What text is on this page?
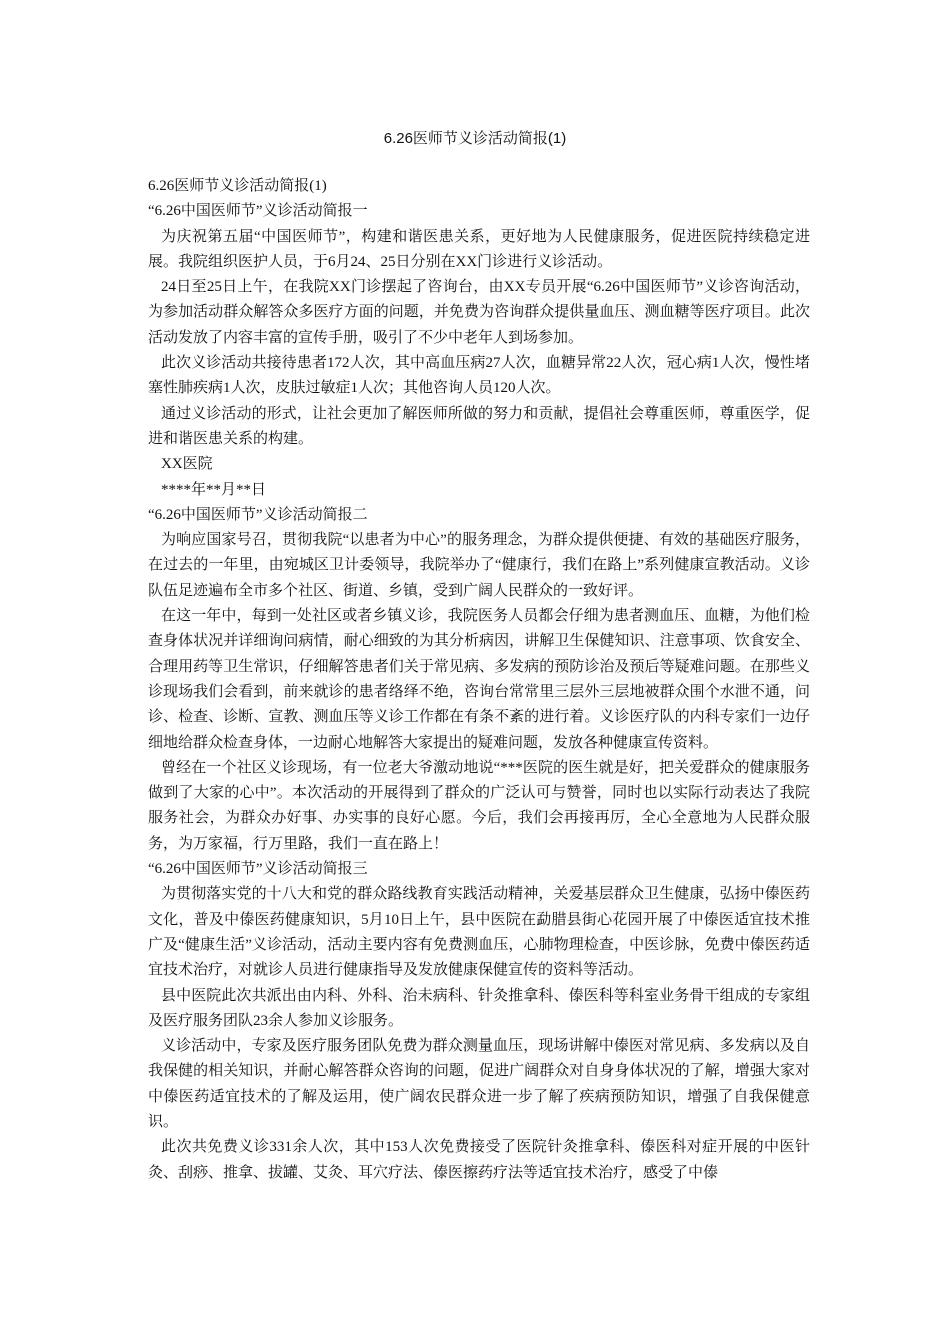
6.26医师节义诊活动简报(1)

6.26医师节义诊活动简报(1)

“6.26中国医师节”义诊活动简报一

为庆祝第五届“中国医师节”，构建和谐医患关系，更好地为人民健康服务，促进医院持续稳定进展。我院组织医护人员，于6月24、25日分别在XX门诊进行义诊活动。

24日至25日上午，在我院XX门诊摆起了咨询台，由XX专员开展“6.26中国医师节”义诊咨询活动，为参加活动群众解答众多医疗方面的问题，并免费为咨询群众提供量血压、测血糖等医疗项目。此次活动发放了内容丰富的宣传手册，吸引了不少中老年人到场参加。

此次义诊活动共接待患者172人次，其中高血压病27人次，血糖异常22人次，冠心病1人次，慢性堵塞性肺疾病1人次，皮肤过敏症1人次；其他咨询人员120人次。

通过义诊活动的形式，让社会更加了解医师所做的努力和贡献，提倡社会尊重医师，尊重医学，促进和谐医患关系的构建。

XX医院

****年**月**日

“6.26中国医师节”义诊活动简报二

为响应国家号召，贯彻我院“以患者为中心”的服务理念，为群众提供便捷、有效的基础医疗服务，在过去的一年里，由宛城区卫计委领导，我院举办了“健康行，我们在路上”系列健康宣教活动。义诊队伍足迹遍布全市多个社区、街道、乡镇，受到广阔人民群众的一致好评。

在这一年中，每到一处社区或者乡镇义诊，我院医务人员都会仔细为患者测血压、血糖，为他们检查身体状况并详细询问病情，耐心细致的为其分析病因，讲解卫生保健知识、注意事项、饮食安全、合理用药等卫生常识，仔细解答患者们关于常见病、多发病的预防诊治及预后等疑难问题。在那些义诊现场我们会看到，前来就诊的患者络绎不绝，咨询台常常里三层外三层地被群众围个水泄不通，问诊、检查、诊断、宣教、测血压等义诊工作都在有条不紊的进行着。义诊医疗队的内科专家们一边仔细地给群众检查身体，一边耐心地解答大家提出的疑难问题，发放各种健康宣传资料。

曾经在一个社区义诊现场，有一位老大爷激动地说“***医院的医生就是好，把关爱群众的健康服务做到了大家的心中”。本次活动的开展得到了群众的广泛认可与赞誉，同时也以实际行动表达了我院服务社会，为群众办好事、办实事的良好心愿。今后，我们会再接再厉，全心全意地为人民群众服务，为万家福，行万里路，我们一直在路上！

“6.26中国医师节”义诊活动简报三

为贯彻落实党的十八大和党的群众路线教育实践活动精神，关爱基层群众卫生健康，弘扬中傣医药文化，普及中傣医药健康知识，5月10日上午，县中医院在勐腊县街心花园开展了中傣医适宜技术推广及“健康生活”义诊活动，活动主要内容有免费测血压，心肺物理检查，中医诊脉，免费中傣医药适宜技术治疗，对就诊人员进行健康指导及发放健康保健宣传的资料等活动。

县中医院此次共派出由内科、外科、治未病科、针灸推拿科、傣医科等科室业务骨干组成的专家组及医疗服务团队23余人参加义诊服务。

义诊活动中，专家及医疗服务团队免费为群众测量血压，现场讲解中傣医对常见病、多发病以及自我保健的相关知识，并耐心解答群众咨询的问题，促进广阔群众对自身身体状况的了解，增强大家对中傣医药适宜技术的了解及运用，使广阔农民群众进一步了解了疾病预防知识，增强了自我保健意识。

此次共免费义诊331余人次，其中153人次免费接受了医院针灸推拿科、傣医科对症开展的中医针灸、刮痧、推拿、拔罐、艾灸、耳穴疗法、傣医擦药疗法等适宜技术治疗，感受了中傣
